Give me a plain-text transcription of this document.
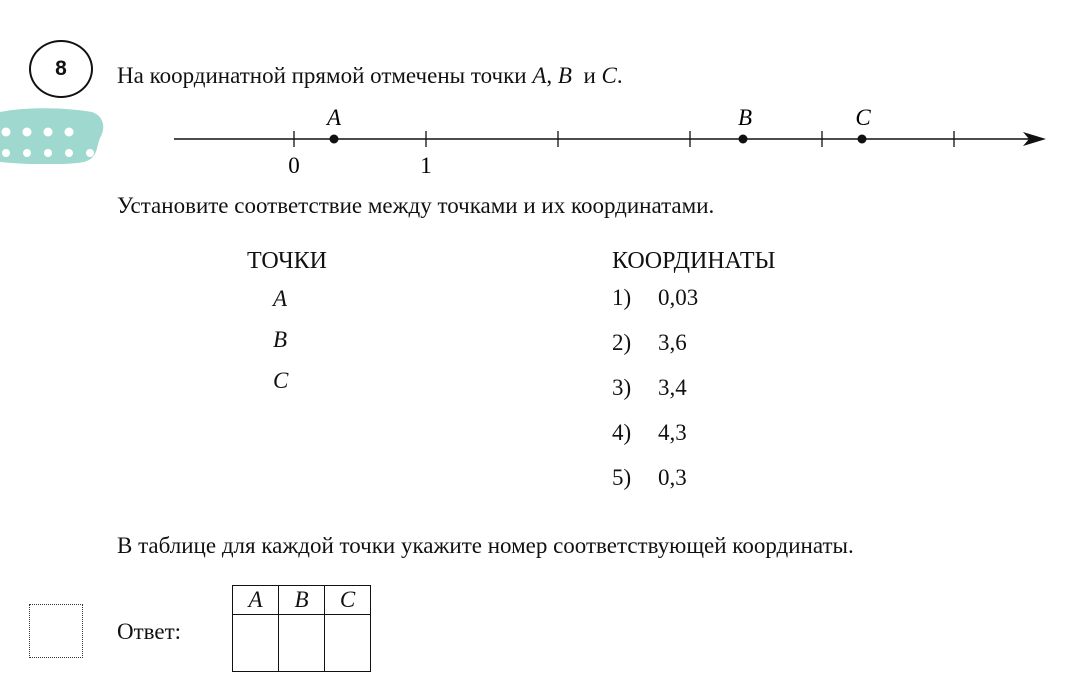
8 На координатной прямой отмечены точки A, B и C.
A	B	C
0	1
Установите соответствие между точками и их координатами.
ТОЧКИ
A
B
C
КООРДИНАТЫ
1) 0,03
2) 3,6
3) 3,4
4) 4,3
5) 0,3
В таблице для каждой точки укажите номер соответствующей координаты.
Ответ:
A	B	C
